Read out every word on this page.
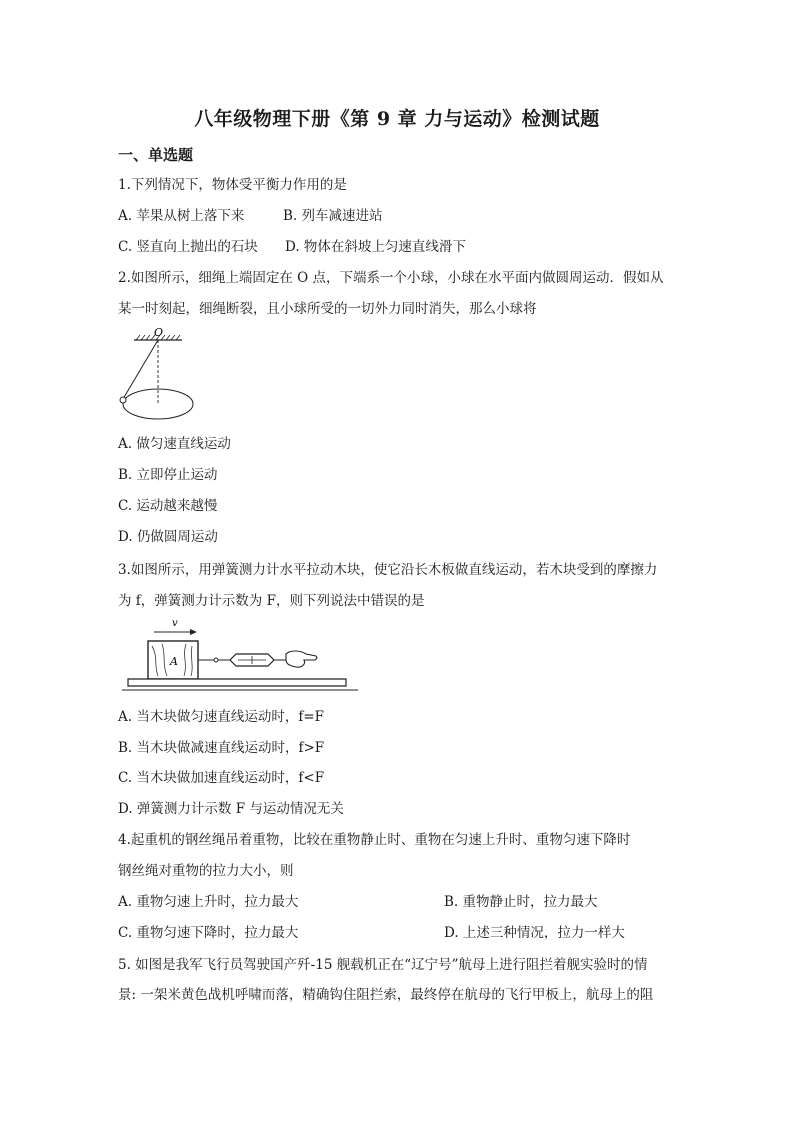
八年级物理下册《第 9 章 力与运动》检测试题
一、单选题
1.下列情况下，物体受平衡力作用的是
A. 苹果从树上落下来	B. 列车减速进站
C. 竖直向上抛出的石块 D. 物体在斜坡上匀速直线滑下
2.如图所示，细绳上端固定在 O 点，下端系一个小球，小球在水平面内做圆周运动．假如从
某一时刻起，细绳断裂，且小球所受的一切外力同时消失，那么小球将
O
A. 做匀速直线运动
B. 立即停止运动
C. 运动越来越慢
D. 仍做圆周运动
3.如图所示，用弹簧测力计水平拉动木块，使它沿长木板做直线运动，若木块受到的摩擦力
为 f，弹簧测力计示数为 F，则下列说法中错误的是
v
A
A. 当木块做匀速直线运动时，f=F
B. 当木块做减速直线运动时，f>F
C. 当木块做加速直线运动时，f<F
D. 弹簧测力计示数 F 与运动情况无关
4.起重机的钢丝绳吊着重物，比较在重物静止时、重物在匀速上升时、重物匀速下降时
钢丝绳对重物的拉力大小，则
A. 重物匀速上升时，拉力最大	B. 重物静止时，拉力最大
C. 重物匀速下降时，拉力最大	D. 上述三种情况，拉力一样大
5. 如图是我军飞行员驾驶国产歼-15 舰载机正在“辽宁号”航母上进行阻拦着舰实验时的情
景: 一架米黄色战机呼啸而落，精确钩住阻拦索，最终停在航母的飞行甲板上，航母上的阻
